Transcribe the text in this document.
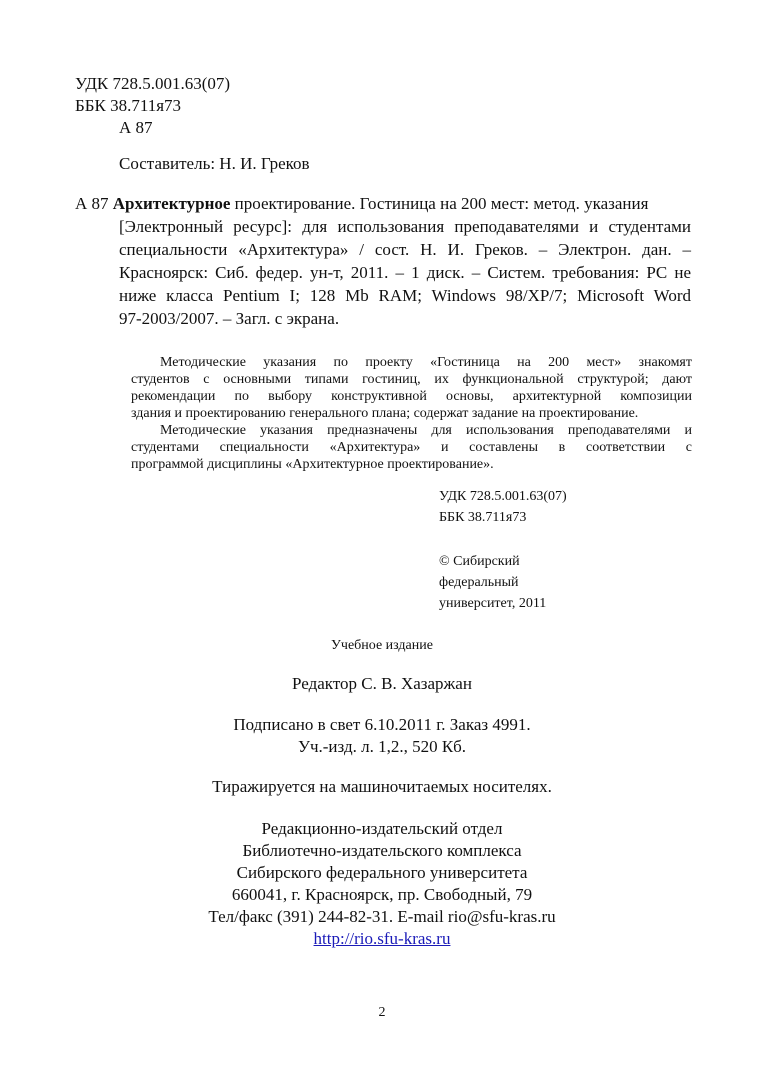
УДК 728.5.001.63(07)
ББК 38.711я73
А 87
Составитель: Н. И. Греков
А 87 Архитектурное проектирование. Гостиница на 200 мест: метод. указания
[Электронный ресурс]: для использования преподавателями и студентами
специальности «Архитектура» / сост. Н. И. Греков. – Электрон. дан. –
Красноярск: Сиб. федер. ун-т, 2011. – 1 диск. – Систем. требования: PC не
ниже класса Pentium I; 128 Mb RAM; Windows 98/XP/7; Microsoft Word
97-2003/2007. – Загл. с экрана.
Методические указания по проекту «Гостиница на 200 мест» знакомят
студентов с основными типами гостиниц, их функциональной структурой; дают
рекомендации по выбору конструктивной основы, архитектурной композиции
здания и проектированию генерального плана; содержат задание на проектирование.
Методические указания предназначены для использования преподавателями и
студентами специальности «Архитектура» и составлены в соответствии с
программой дисциплины «Архитектурное проектирование».
УДК 728.5.001.63(07)
ББК 38.711я73
© Сибирский
федеральный
университет, 2011
Учебное издание
Редактор С. В. Хазаржан
Подписано в свет 6.10.2011 г. Заказ 4991.
Уч.-изд. л. 1,2., 520 Кб.
Тиражируется на машиночитаемых носителях.
Редакционно-издательский отдел
Библиотечно-издательского комплекса
Сибирского федерального университета
660041, г. Красноярск, пр. Свободный, 79
Тел/факс (391) 244-82-31. E-mail rio@sfu-kras.ru
http://rio.sfu-kras.ru
2
